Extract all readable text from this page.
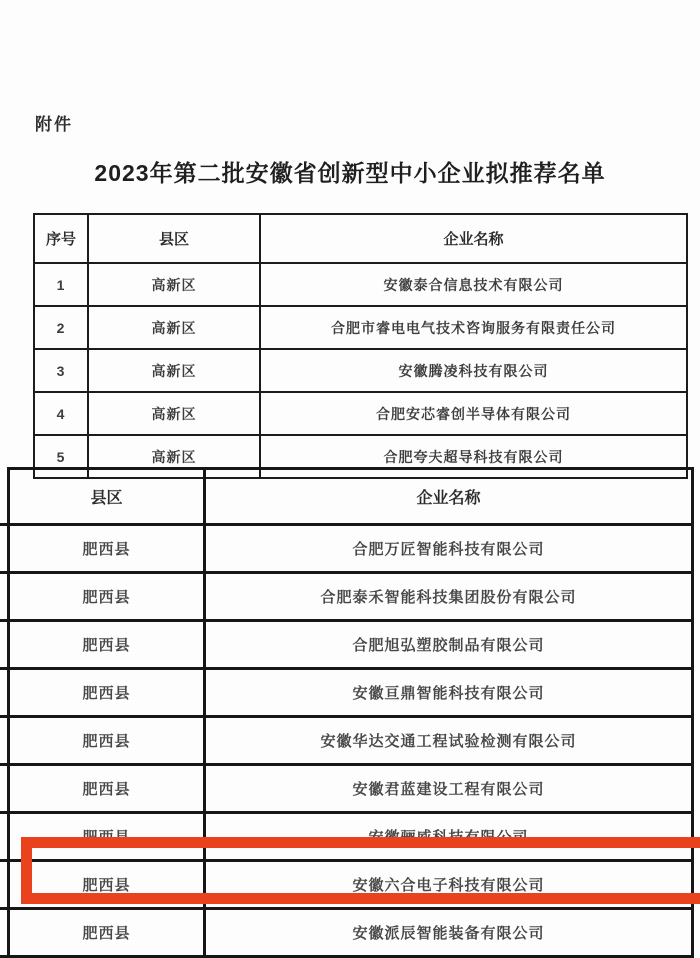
附件
2023年第二批安徽省创新型中小企业拟推荐名单
序号	县区	企业名称
1	高新区	安徽泰合信息技术有限公司
2	高新区	合肥市睿电电气技术咨询服务有限责任公司
3	高新区	安徽腾凌科技有限公司
4	高新区	合肥安芯睿创半导体有限公司
5	高新区	合肥夸夫超导科技有限公司
	县区	企业名称
	肥西县	合肥万匠智能科技有限公司
	肥西县	合肥泰禾智能科技集团股份有限公司
	肥西县	合肥旭弘塑胶制品有限公司
	肥西县	安徽亘鼎智能科技有限公司
	肥西县	安徽华达交通工程试验检测有限公司
	肥西县	安徽君蓝建设工程有限公司
	肥西县	安徽骊威科技有限公司
	肥西县	安徽六合电子科技有限公司
	肥西县	安徽派辰智能装备有限公司
